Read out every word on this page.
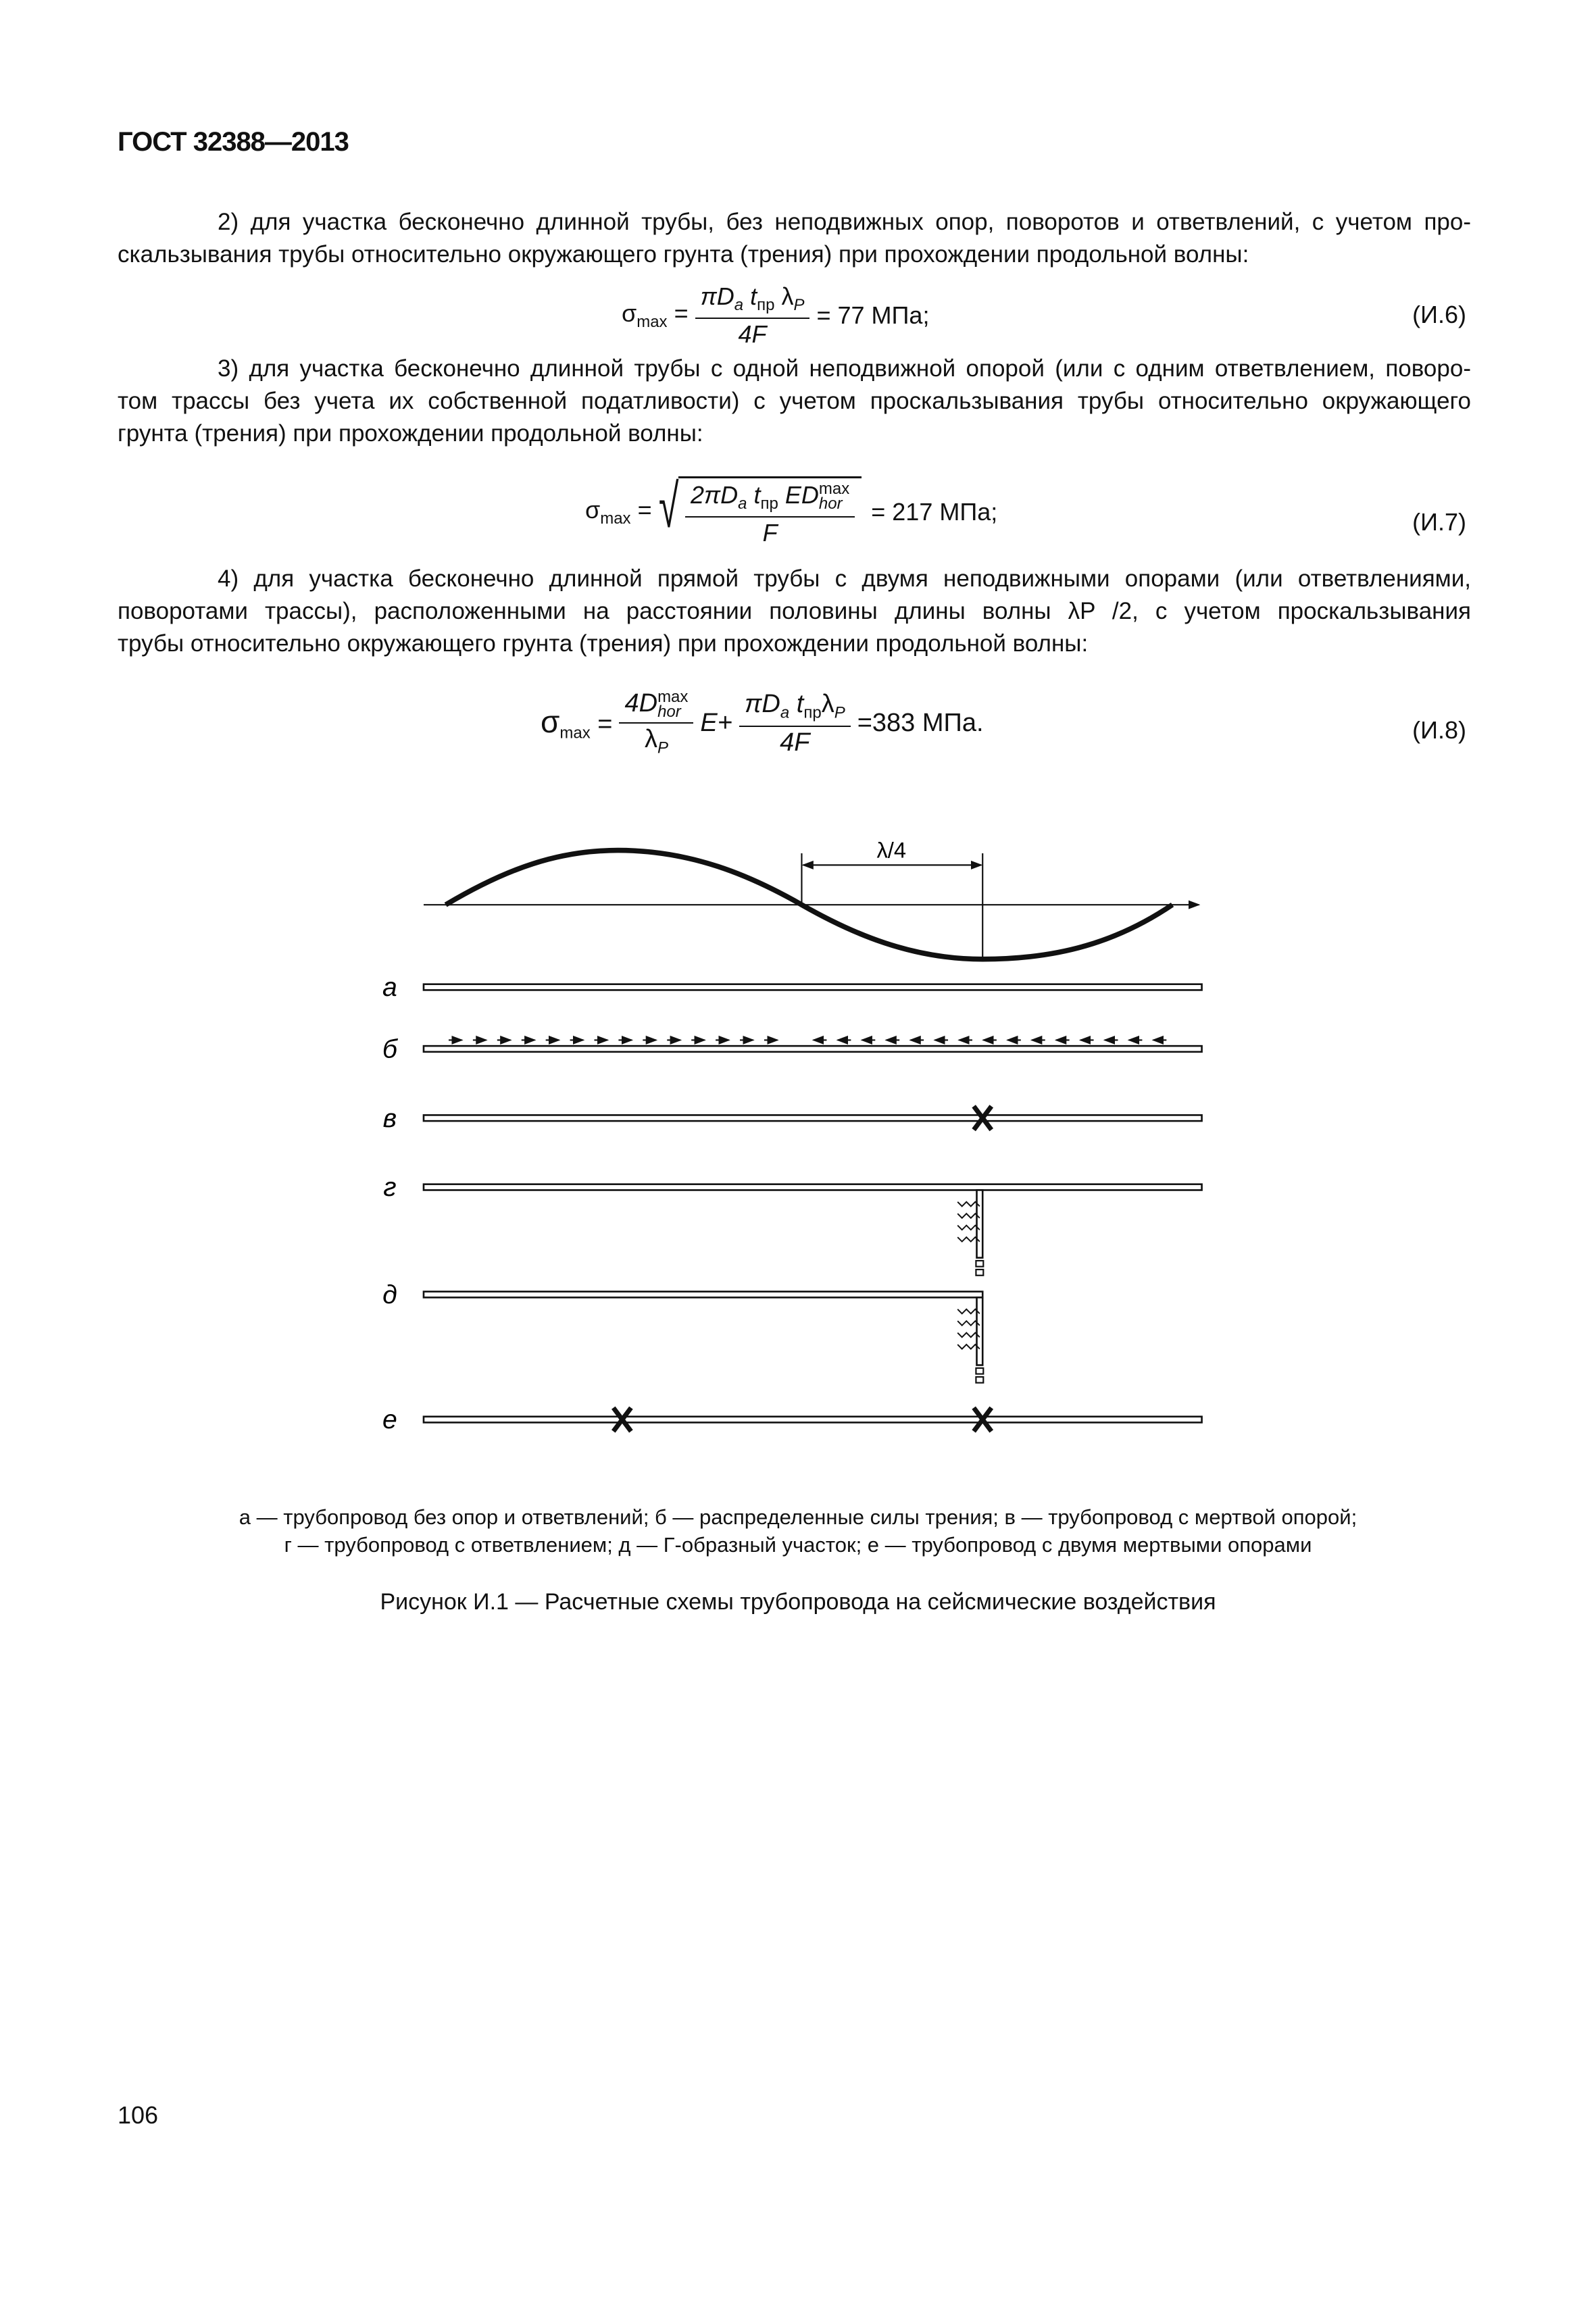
ГОСТ 32388—2013
2) для участка бесконечно длинной трубы, без неподвижных опор, поворотов и ответвлений, с учетом про-
скальзывания трубы относительно окружающего грунта (трения) при прохождении продольной волны:
$\sigma_{max} = \frac{\pi D_a t_{пр} \lambda_P}{4F} = 77$ МПа;	(И.6)
3) для участка бесконечно длинной трубы с одной неподвижной опорой (или с одним ответвлением, поворо-
том трассы без учета их собственной податливости) с учетом проскальзывания трубы относительно окружающего
грунта (трения) при прохождении продольной волны:
$\sigma_{max}$ = √ $2\pi D_a$ $t_{пр}$ ED max
hor
F = 217 МПа;	(И.7)
4) для участка бесконечно длинной прямой трубы с двумя неподвижными опорами (или ответвлениями,
поворотами трассы), расположенными на расстоянии половины длины волны λP /2, с учетом проскальзывания
трубы относительно окружающего грунта (трения) при прохождении продольной волны:
$\sigma_{max} = 4D$ max
hor
$\lambda_P$ $E+ \frac{\pi D_a t_{пр}\lambda_P}{4F} =383$ МПа.	(И.8)
λ/4
а
б
в
г
д
е
а — трубопровод без опор и ответвлений; б — распределенные силы трения; в — трубопровод с мертвой опорой;
г — трубопровод с ответвлением; д — Г-образный участок; е — трубопровод с двумя мертвыми опорами
Рисунок И.1 — Расчетные схемы трубопровода на сейсмические воздействия
106
